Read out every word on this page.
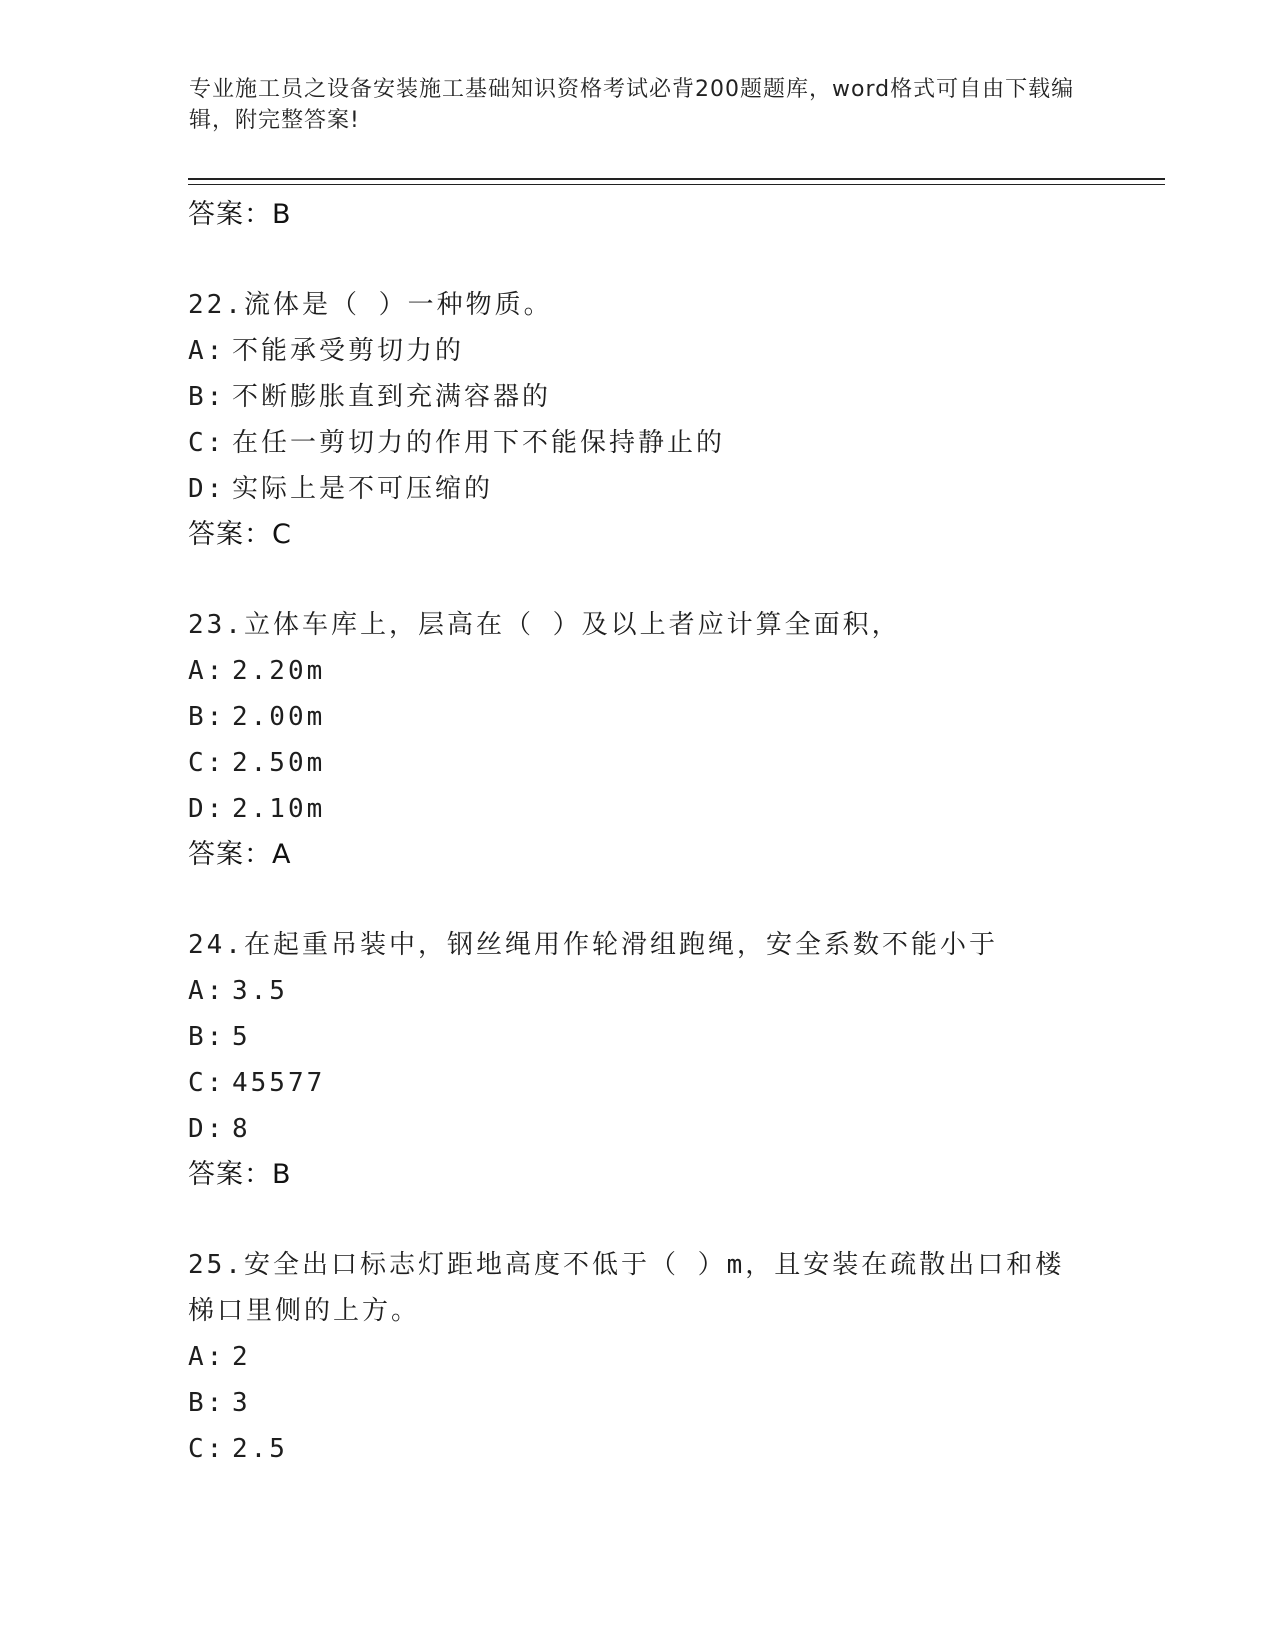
专业施工员之设备安装施工基础知识资格考试必背200题题库，word格式可自由下载编辑，附完整答案!
答案：B
22.流体是（ ）一种物质。
A: 不能承受剪切力的
B: 不断膨胀直到充满容器的
C: 在任一剪切力的作用下不能保持静止的
D: 实际上是不可压缩的
答案：C
23.立体车库上，层高在（ ）及以上者应计算全面积，
A: 2.20m
B: 2.00m
C: 2.50m
D: 2.10m
答案：A
24.在起重吊装中，钢丝绳用作轮滑组跑绳，安全系数不能小于
A: 3.5
B: 5
C: 45577
D: 8
答案：B
25.安全出口标志灯距地高度不低于（ ）m，且安装在疏散出口和楼梯口里侧的上方。
A: 2
B: 3
C: 2.5
